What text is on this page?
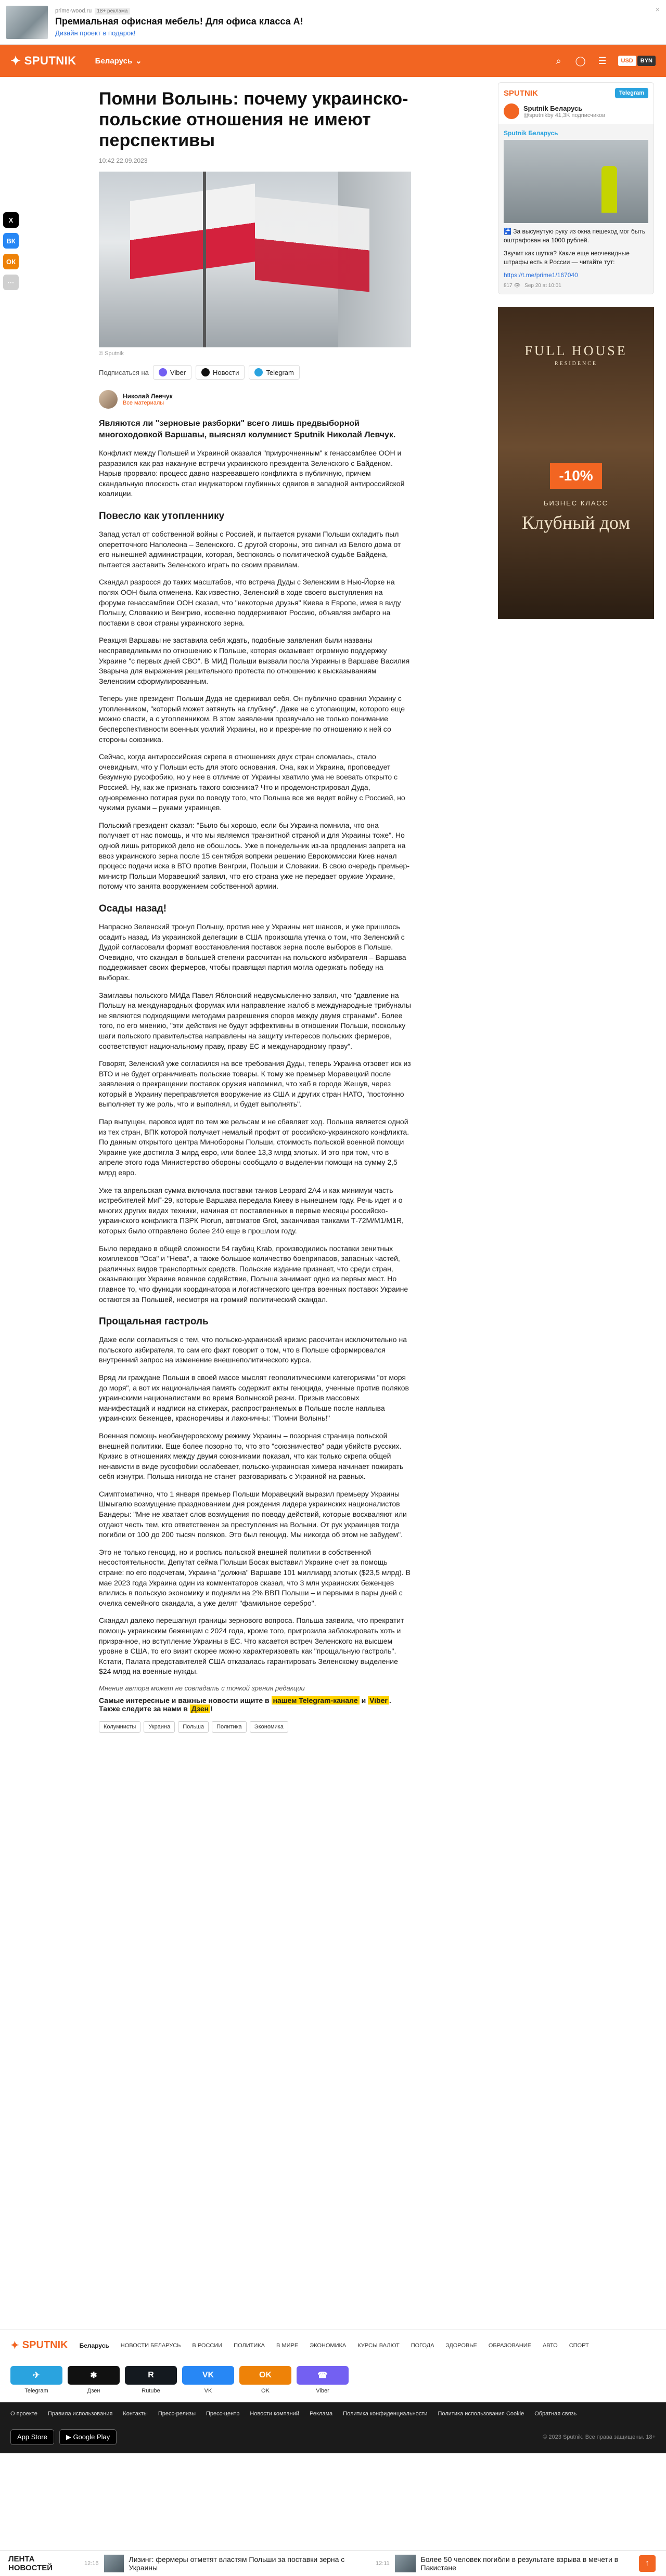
prime-wood.ru	18+ реклама
Премиальная офисная мебель! Для офиса класса А!
Дизайн проект в подарок!
×
✦ SPUTNIK Беларусь ⌄	⌕	◯ ☰	USD	BYN
X
ВК
ОК
···
Помни Волынь: почему украинско-польские отношения не имеют перспективы
10:42 22.09.2023
© Sputnik
Подписаться на	Viber	Новости	Telegram
Николай Левчук
Все материалы
Являются ли "зерновые разборки" всего лишь предвыборной многоходовкой Варшавы, выяснял колумнист Sputnik Николай Левчук.

Конфликт между Польшей и Украиной оказался "приурочненным" к генассамблее ООН и разразился как раз накануне встречи украинского президента Зеленского с Байденом. Нарыв прорвало: процесс давно назревавшего конфликта в публичную, причем скандальную плоскость стал индикатором глубинных сдвигов в западной антироссийской коалиции.

Повесло как утопленнику

Запад устал от собственной войны с Россией, и пытается руками Польши охладить пыл оперетточного Наполеона – Зеленского. С другой стороны, это сигнал из Белого дома от его нынешней администрации, которая, беспокоясь о политической судьбе Байдена, пытается заставить Зеленского играть по своим правилам.

Скандал разросся до таких масштабов, что встреча Дуды с Зеленским в Нью-Йорке на полях ООН была отменена. Как известно, Зеленский в ходе своего выступления на форуме генассамблеи ООН сказал, что "некоторые друзья" Киева в Европе, имея в виду Польшу, Словакию и Венгрию, косвенно поддерживают Россию, объявляя эмбарго на поставки в свои страны украинского зерна.

Реакция Варшавы не заставила себя ждать, подобные заявления были названы несправедливыми по отношению к Польше, которая оказывает огромную поддержку Украине "с первых дней СВО". В МИД Польши вызвали посла Украины в Варшаве Василия Зварыча для выражения решительного протеста по отношению к высказываниям Зеленским сформулированным.

Теперь уже президент Польши Дуда не сдерживал себя. Он публично сравнил Украину с утопленником, "который может затянуть на глубину". Даже не с утопающим, которого еще можно спасти, а с утопленником. В этом заявлении прозвучало не только понимание бесперспективности военных усилий Украины, но и презрение по отношению к ней со стороны союзника.

Сейчас, когда антироссийская скрепа в отношениях двух стран сломалась, стало очевидным, что у Польши есть для этого основания. Она, как и Украина, проповедует безумную русофобию, но у нее в отличие от Украины хватило ума не воевать открыто с Россией. Ну, как же признать такого союзника? Что и продемонстрировал Дуда, одновременно потирая руки по поводу того, что Польша все же ведет войну с Россией, но чужими руками – руками украинцев.

Польский президент сказал: "Было бы хорошо, если бы Украина помнила, что она получает от нас помощь, и что мы являемся транзитной страной и для Украины тоже". Но одной лишь риторикой дело не обошлось. Уже в понедельник из-за продления запрета на ввоз украинского зерна после 15 сентября вопреки решению Еврокомиссии Киев начал процесс подачи иска в ВТО против Венгрии, Польши и Словакии. В свою очередь премьер-министр Польши Моравецкий заявил, что его страна уже не передает оружие Украине, потому что занята вооружением собственной армии.

Осады назад!

Напрасно Зеленский тронул Польшу, против нее у Украины нет шансов, и уже пришлось осадить назад. Из украинской делегации в США произошла утечка о том, что Зеленский с Дудой согласовали формат восстановления поставок зерна после выборов в Польше. Очевидно, что скандал в большей степени рассчитан на польского избирателя – Варшава поддерживает своих фермеров, чтобы правящая партия могла одержать победу на выборах.

Замглавы польского МИДа Павел Яблонский недвусмысленно заявил, что "давление на Польшу на международных форумах или направление жалоб в международные трибуналы не являются подходящими методами разрешения споров между двумя странами". Более того, по его мнению, "эти действия не будут эффективны в отношении Польши, поскольку шаги польского правительства направлены на защиту интересов польских фермеров, соответствуют национальному праву, праву ЕС и международному праву".

Говорят, Зеленский уже согласился на все требования Дуды, теперь Украина отзовет иск из ВТО и не будет ограничивать польские товары. К тому же премьер Моравецкий после заявления о прекращении поставок оружия напомнил, что хаб в городе Жешув, через который в Украину переправляется вооружение из США и других стран НАТО, "постоянно выполняет ту же роль, что и выполнял, и будет выполнять".

Пар выпущен, паровоз идет по тем же рельсам и не сбавляет ход. Польша является одной из тех стран, ВПК которой получает немалый профит от российско-украинского конфликта. По данным открытого центра Минобороны Польши, стоимость польской военной помощи Украине уже достигла 3 млрд евро, или более 13,3 млрд злотых. И это при том, что в апреле этого года Министерство обороны сообщало о выделении помощи на сумму 2,5 млрд евро.

Уже та апрельская сумма включала поставки танков Leopard 2A4 и как минимум часть истребителей МиГ-29, которые Варшава передала Киеву в нынешнем году. Речь идет и о многих других видах техники, начиная от поставленных в первые месяцы российско-украинского конфликта ПЗРК Piorun, автоматов Grot, заканчивая танками Т-72М/М1/М1R, которых было отправлено более 240 еще в прошлом году.

Было передано в общей сложности 54 гаубиц Krab, производились поставки зенитных комплексов "Оса" и "Нева", а также большое количество боеприпасов, запасных частей, различных видов транспортных средств. Польские издание признает, что среди стран, оказывающих Украине военное содействие, Польша занимает одно из первых мест. Но главное то, что функции координатора и логистического центра военных поставок Украине остаются за Польшей, несмотря на громкий политический скандал.

Прощальная гастроль

Даже если согласиться с тем, что польско-украинский кризис рассчитан исключительно на польского избирателя, то сам его факт говорит о том, что в Польше сформировался внутренний запрос на изменение внешнеполитического курса.

Вряд ли граждане Польши в своей массе мыслят геополитическими категориями "от моря до моря", а вот их национальная память содержит акты геноцида, ученные против поляков украинскими националистами во время Волынской резни. Призыв массовых манифестаций и надписи на стикерах, распространяемых в Польше после наплыва украинских беженцев, красноречивы и лаконичны: "Помни Волынь!"

Военная помощь необандеровскому режиму Украины – позорная страница польской внешней политики. Еще более позорно то, что это "союзничество" ради убийств русских. Кризис в отношениях между двумя союзниками показал, что как только скрепа общей ненависти в виде русофобии ослабевает, польско-украинская химера начинает пожирать себя изнутри. Польша никогда не станет разговаривать с Украиной на равных.

Симптоматично, что 1 января премьер Польши Моравецкий выразил премьеру Украины Шмыгалю возмущение празднованием дня рождения лидера украинских националистов Бандеры: "Мне не хватает слов возмущения по поводу действий, которые восхваляют или отдают честь тем, кто ответственен за преступления на Волыни. От рук украинцев тогда погибли от 100 до 200 тысяч поляков. Это был геноцид. Мы никогда об этом не забудем".

Это не только геноцид, но и роспись польской внешней политики в собственной несостоятельности. Депутат сейма Польши Босак выставил Украине счет за помощь стране: по его подсчетам, Украина "должна" Варшаве 101 миллиард злотых ($23,5 млрд). В мае 2023 года Украина один из комментаторов сказал, что 3 млн украинских беженцев влились в польскую экономику и подняли на 2% ВВП Польши – и первыми в пары дней с очелка семейного скандала, а уже делят "фамильное серебро".

Скандал далеко перешагнул границы зернового вопроса. Польша заявила, что прекратит помощь украинским беженцам с 2024 года, кроме того, пригрозила заблокировать хоть и призрачное, но вступление Украины в ЕС. Что касается встреч Зеленского на высшем уровне в США, то его визит скорее можно характеризовать как "прощальную гастроль". Кстати, Палата представителей США отказалась гарантировать Зеленскому выделение $24 млрд на военные нужды.

Мнение автора может не совпадать с точкой зрения редакции
Самые интересные и важные новости ищите в нашем Telegram-канале и Viber . Также следите за нами в Дзен !
Колумнисты	Украина	Польша	Политика	Экономика
SPUTNIK	Telegram
Sputnik Беларусь
@sputnikby 41,3K подписчиков
Sputnik Беларусь

🚰 За высунутую руку из окна пешеход мог быть оштрафован на 1000 рублей.

Звучит как шутка? Какие еще неочевидные штрафы есть в России — читайте тут:

https://t.me/prime1/167040

817 👁 Sep 20 at 10:01
FULL HOUSE
RESIDENCE
-10%
БИЗНЕС КЛАСС
Клубный дом
✦ SPUTNIK Беларусь НОВОСТИ БЕЛАРУСЬ В РОССИИ ПОЛИТИКА В МИРЕ ЭКОНОМИКА КУРСЫ ВАЛЮТ ПОГОДА ЗДОРОВЬЕ ОБРАЗОВАНИЕ АВТО СПОРТ
✈
Telegram
✱
Дзен
R
Rutube
VK
VK
OK
OK
☎
Viber
О проекте Правила использования Контакты Пресс-релизы Пресс-центр Новости компаний Реклама Политика конфиденциальности Политика использования Cookie Обратная связь
App Store	▶ Google Play	© 2023 Sputnik. Все права защищены. 18+
ЛЕНТА
НОВОСТЕЙ	12:16	Лизинг: фермеры отметят властям Польши за поставки зерна с Украины	12:11	Более 50 человек погибли в результате взрыва в мечети в Пакистане	↑
